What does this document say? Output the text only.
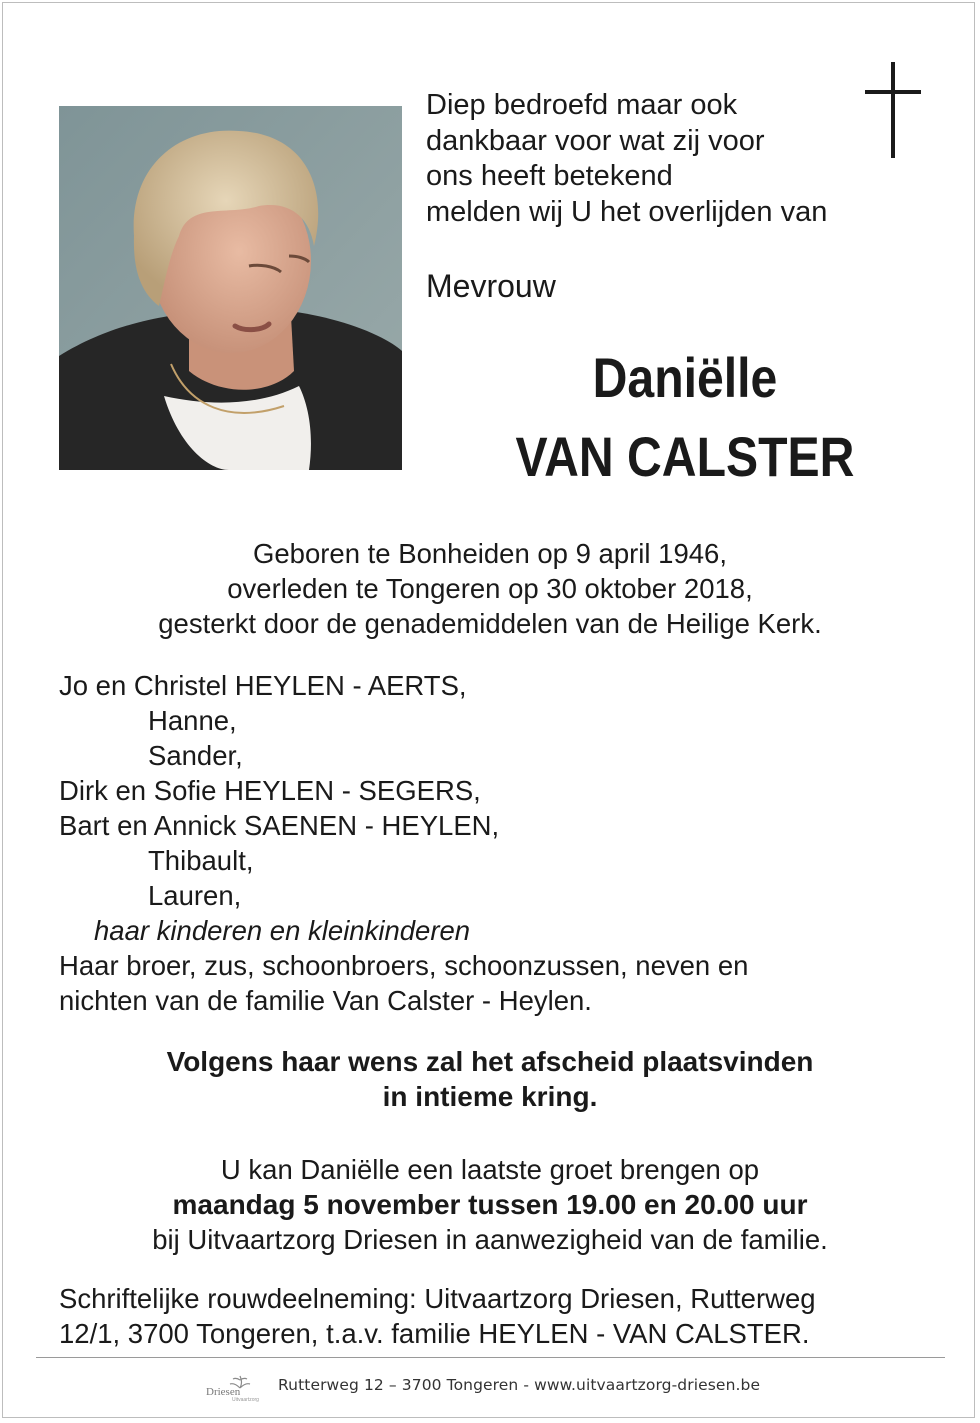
Diep bedroefd maar ook
dankbaar voor wat zij voor
ons heeft betekend
melden wij U het overlijden van
Mevrouw
Daniëlle
VAN CALSTER
Geboren te Bonheiden op 9 april 1946,
overleden te Tongeren op 30 oktober 2018,
gesterkt door de genademiddelen van de Heilige Kerk.
Jo en Christel HEYLEN - AERTS,
Hanne,
Sander,
Dirk en Sofie HEYLEN - SEGERS,
Bart en Annick SAENEN - HEYLEN,
Thibault,
Lauren,
haar kinderen en kleinkinderen
Haar broer, zus, schoonbroers, schoonzussen, neven en
nichten van de familie Van Calster - Heylen.
Volgens haar wens zal het afscheid plaatsvinden
in intieme kring.
U kan Daniëlle een laatste groet brengen op
maandag 5 november tussen 19.00 en 20.00 uur
bij Uitvaartzorg Driesen in aanwezigheid van de familie.
Schriftelijke rouwdeelneming: Uitvaartzorg Driesen, Rutterweg
12/1, 3700 Tongeren, t.a.v. familie HEYLEN - VAN CALSTER.
Driesen
Uitvaartzorg
Rutterweg 12 – 3700 Tongeren - www.uitvaartzorg-driesen.be
